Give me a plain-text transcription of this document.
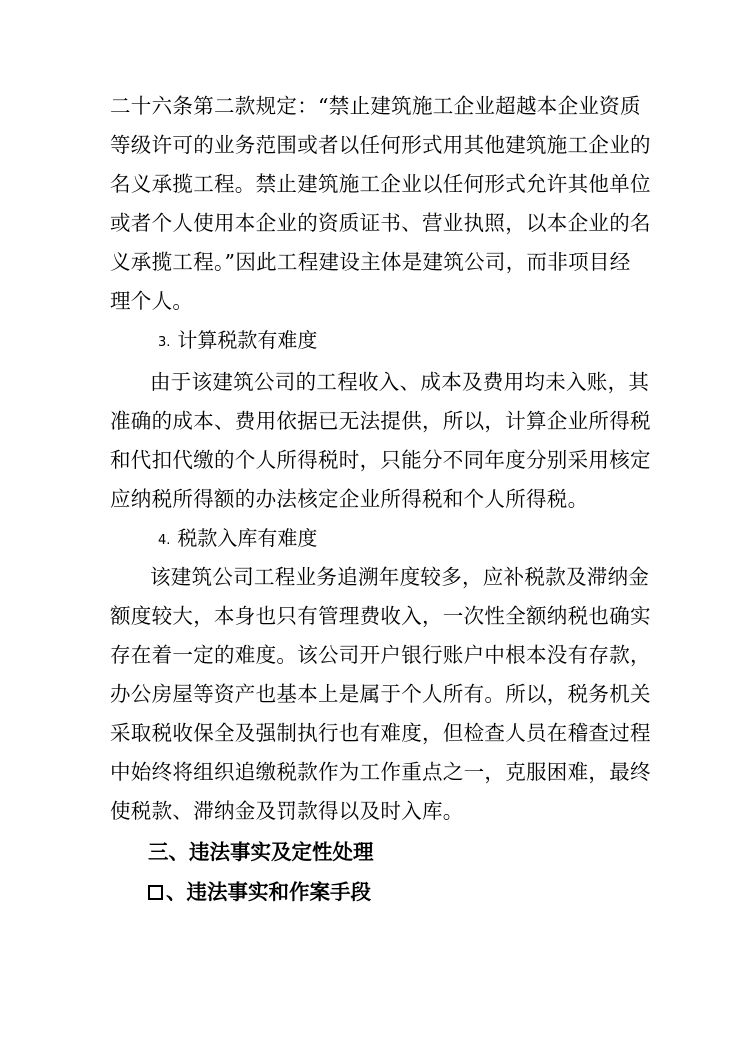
二十六条第二款规定：“禁止建筑施工企业超越本企业资质
等级许可的业务范围或者以任何形式用其他建筑施工企业的
名义承揽工程。禁止建筑施工企业以任何形式允许其他单位
或者个人使用本企业的资质证书、营业执照，以本企业的名
义承揽工程。”因此工程建设主体是建筑公司，而非项目经
理个人。
3. 计算税款有难度
由于该建筑公司的工程收入、成本及费用均未入账，其
准确的成本、费用依据已无法提供，所以，计算企业所得税
和代扣代缴的个人所得税时，只能分不同年度分别采用核定
应纳税所得额的办法核定企业所得税和个人所得税。
4. 税款入库有难度
该建筑公司工程业务追溯年度较多，应补税款及滞纳金
额度较大，本身也只有管理费收入，一次性全额纳税也确实
存在着一定的难度。该公司开户银行账户中根本没有存款，
办公房屋等资产也基本上是属于个人所有。所以，税务机关
采取税收保全及强制执行也有难度，但检查人员在稽查过程
中始终将组织追缴税款作为工作重点之一，克服困难，最终
使税款、滞纳金及罚款得以及时入库。
三、违法事实及定性处理
、违法事实和作案手段
